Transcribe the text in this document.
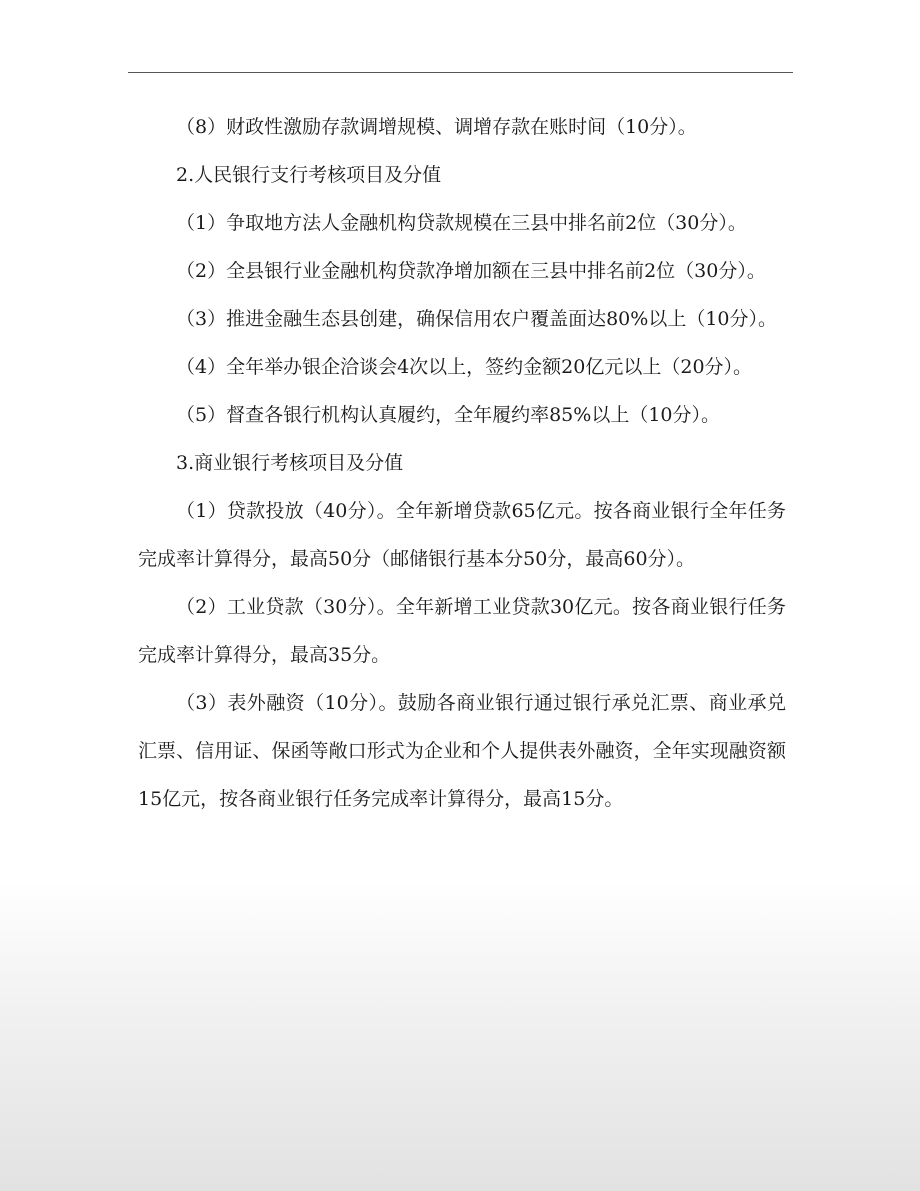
（8）财政性激励存款调增规模、调增存款在账时间（10分）。

2.人民银行支行考核项目及分值

（1）争取地方法人金融机构贷款规模在三县中排名前2位（30分）。

（2）全县银行业金融机构贷款净增加额在三县中排名前2位（30分）。

（3）推进金融生态县创建，确保信用农户覆盖面达80%以上（10分）。

（4）全年举办银企洽谈会4次以上，签约金额20亿元以上（20分）。

（5）督查各银行机构认真履约，全年履约率85%以上（10分）。

3.商业银行考核项目及分值

（1）贷款投放（40分）。全年新增贷款65亿元。按各商业银行全年任务完成率计算得分，最高50分（邮储银行基本分50分，最高60分）。

（2）工业贷款（30分）。全年新增工业贷款30亿元。按各商业银行任务完成率计算得分，最高35分。

（3）表外融资（10分）。鼓励各商业银行通过银行承兑汇票、商业承兑汇票、信用证、保函等敞口形式为企业和个人提供表外融资，全年实现融资额15亿元，按各商业银行任务完成率计算得分，最高15分。
